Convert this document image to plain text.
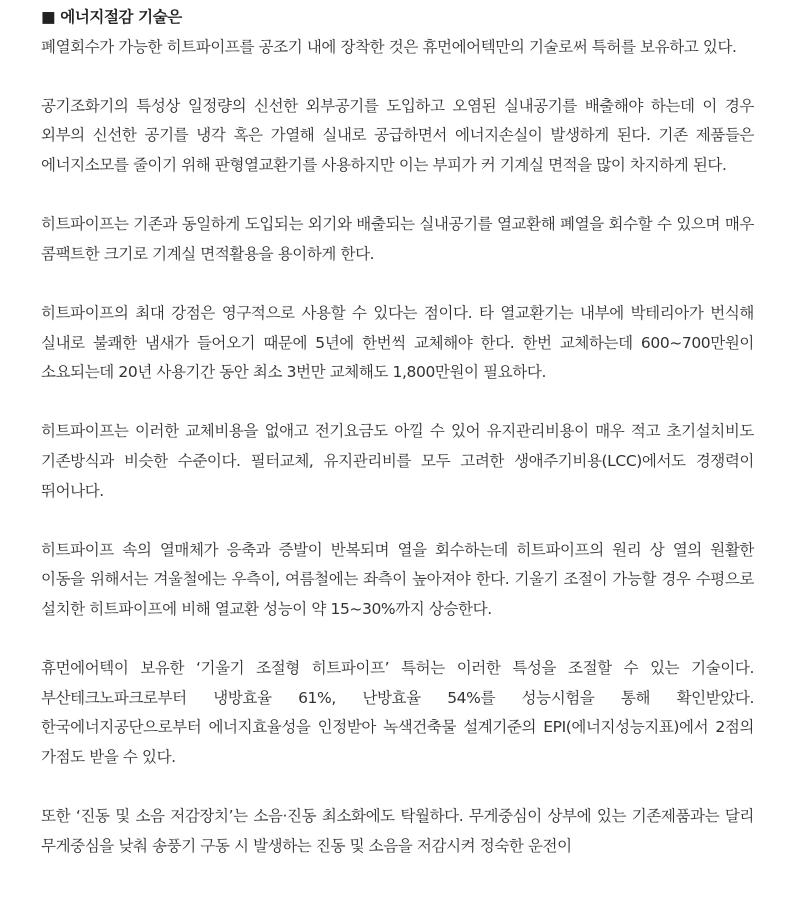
■ 에너지절감 기술은

폐열회수가 가능한 히트파이프를 공조기 내에 장착한 것은 휴먼에어텍만의 기술로써 특허를 보유하고 있다.

공기조화기의 특성상 일정량의 신선한 외부공기를 도입하고 오염된 실내공기를 배출해야 하는데 이 경우 외부의 신선한 공기를 냉각 혹은 가열해 실내로 공급하면서 에너지손실이 발생하게 된다. 기존 제품들은 에너지소모를 줄이기 위해 판형열교환기를 사용하지만 이는 부피가 커 기계실 면적을 많이 차지하게 된다.

히트파이프는 기존과 동일하게 도입되는 외기와 배출되는 실내공기를 열교환해 폐열을 회수할 수 있으며 매우 콤팩트한 크기로 기계실 면적활용을 용이하게 한다.

히트파이프의 최대 강점은 영구적으로 사용할 수 있다는 점이다. 타 열교환기는 내부에 박테리아가 번식해 실내로 불쾌한 냄새가 들어오기 때문에 5년에 한번씩 교체해야 한다. 한번 교체하는데 600~700만원이 소요되는데 20년 사용기간 동안 최소 3번만 교체해도 1,800만원이 필요하다.

히트파이프는 이러한 교체비용을 없애고 전기요금도 아낄 수 있어 유지관리비용이 매우 적고 초기설치비도 기존방식과 비슷한 수준이다. 필터교체, 유지관리비를 모두 고려한 생애주기비용(LCC)에서도 경쟁력이 뛰어나다.

히트파이프 속의 열매체가 응축과 증발이 반복되며 열을 회수하는데 히트파이프의 원리 상 열의 원활한 이동을 위해서는 겨울철에는 우측이, 여름철에는 좌측이 높아져야 한다. 기울기 조절이 가능할 경우 수평으로 설치한 히트파이프에 비해 열교환 성능이 약 15~30%까지 상승한다.

휴먼에어텍이 보유한 ‘기울기 조절형 히트파이프’ 특허는 이러한 특성을 조절할 수 있는 기술이다. 부산테크노파크로부터 냉방효율 61%, 난방효율 54%를 성능시험을 통해 확인받았다. 한국에너지공단으로부터 에너지효율성을 인정받아 녹색건축물 설계기준의 EPI(에너지성능지표)에서 2점의 가점도 받을 수 있다.

또한 ‘진동 및 소음 저감장치’는 소음·진동 최소화에도 탁월하다. 무게중심이 상부에 있는 기존제품과는 달리 무게중심을 낮춰 송풍기 구동 시 발생하는 진동 및 소음을 저감시켜 정숙한 운전이
